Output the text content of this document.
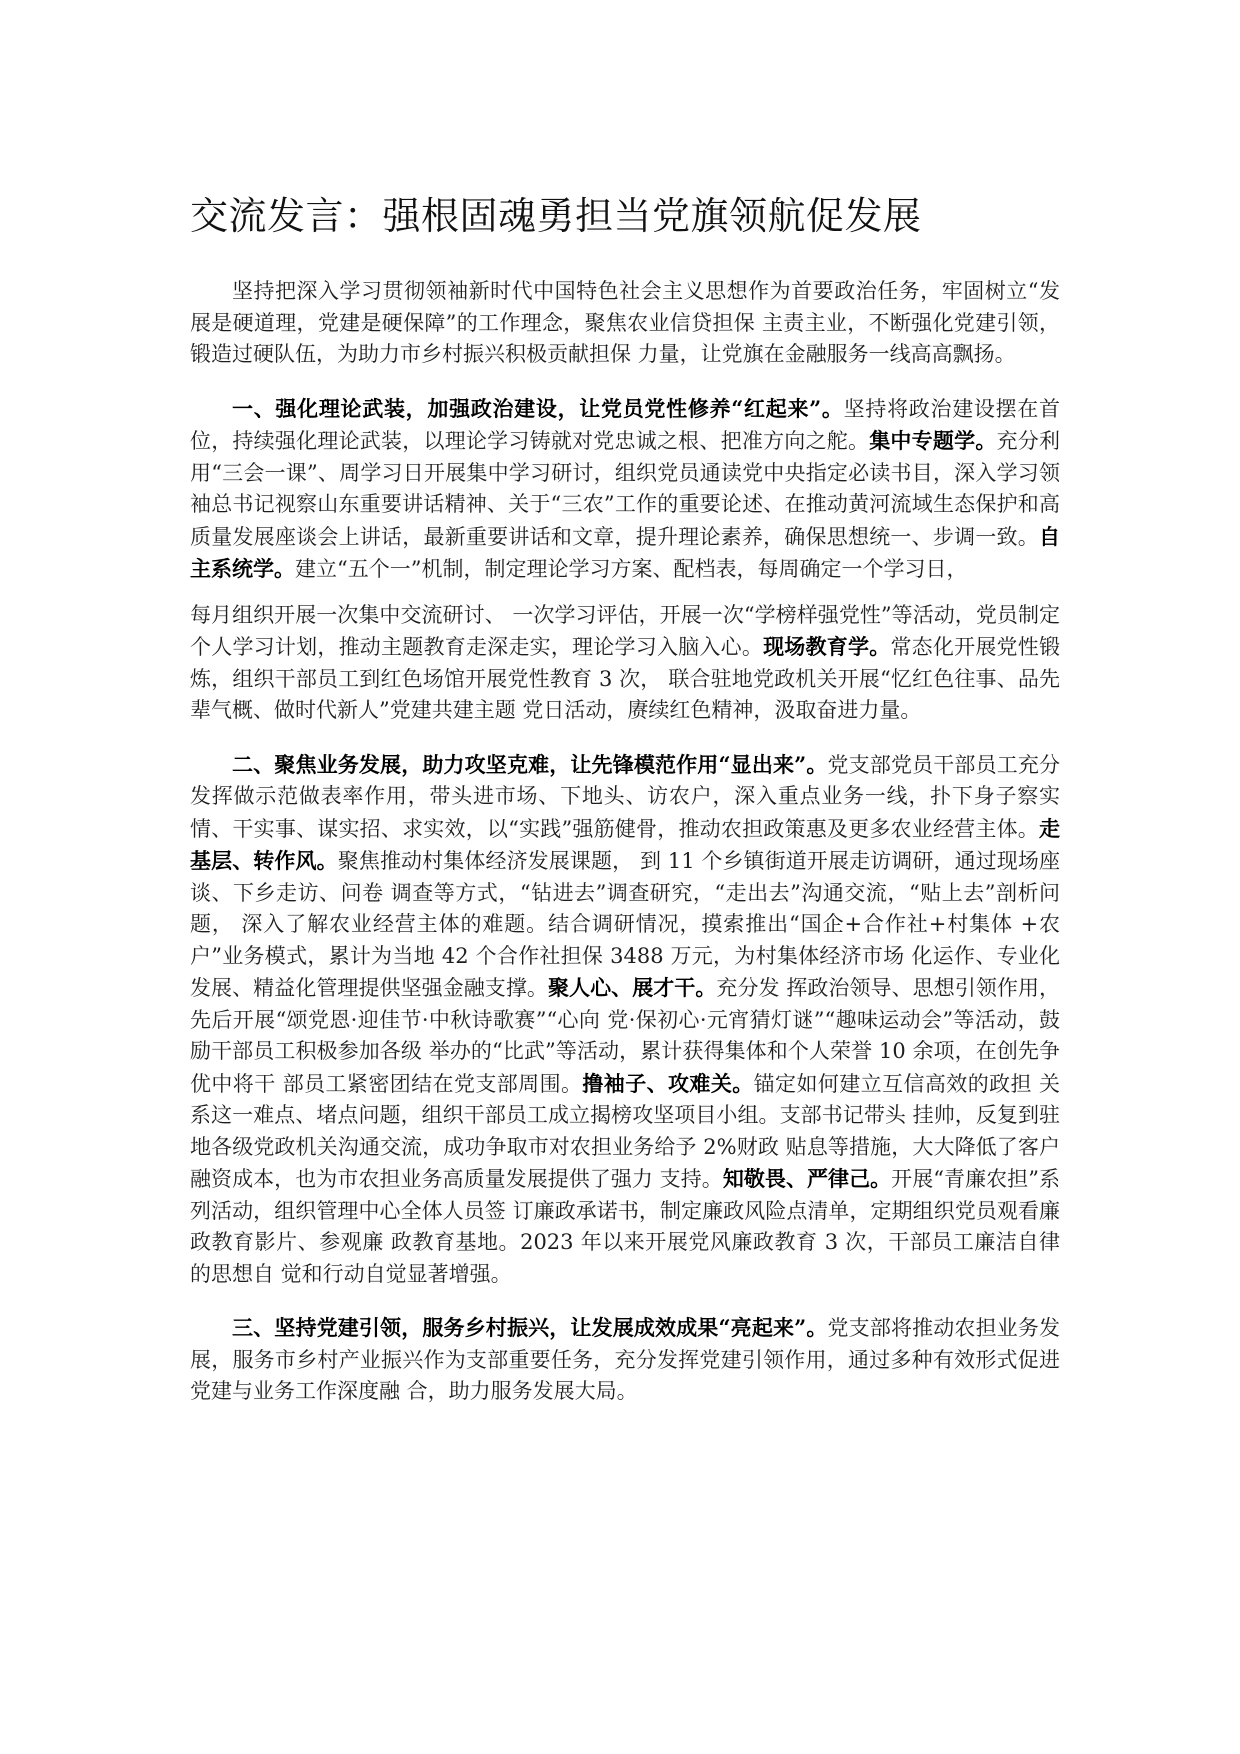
交流发言：强根固魂勇担当党旗领航促发展

坚持把深入学习贯彻领袖新时代中国特色社会主义思想作为首要政治任务，牢固树立“发展是硬道理，党建是硬保障”的工作理念，聚焦农业信贷担保 主责主业，不断强化党建引领，锻造过硬队伍，为助力市乡村振兴积极贡献担保 力量，让党旗在金融服务一线高高飘扬。

一、强化理论武装，加强政治建设，让党员党性修养“红起来”。坚持将政治建设摆在首位，持续强化理论武装，以理论学习铸就对党忠诚之根、把准方向之舵。集中专题学。充分利用“三会一课”、周学习日开展集中学习研讨，组织党员通读党中央指定必读书目，深入学习领袖总书记视察山东重要讲话精神、关于“三农”工作的重要论述、在推动黄河流域生态保护和高质量发展座谈会上讲话，最新重要讲话和文章，提升理论素养，确保思想统一、步调一致。自主系统学。建立“五个一”机制，制定理论学习方案、配档表，每周确定一个学习日，
每月组织开展一次集中交流研讨、 一次学习评估，开展一次“学榜样强党性”等活动，党员制定个人学习计划，推动主题教育走深走实，理论学习入脑入心。现场教育学。常态化开展党性锻炼，组织干部员工到红色场馆开展党性教育 3 次， 联合驻地党政机关开展“忆红色往事、品先辈气概、做时代新人”党建共建主题 党日活动，赓续红色精神，汲取奋进力量。

二、聚焦业务发展，助力攻坚克难，让先锋模范作用“显出来”。党支部党员干部员工充分发挥做示范做表率作用，带头进市场、下地头、访农户，深入重点业务一线，扑下身子察实情、干实事、谋实招、求实效，以“实践”强筋健骨，推动农担政策惠及更多农业经营主体。走基层、转作风。聚焦推动村集体经济发展课题， 到 11 个乡镇街道开展走访调研，通过现场座谈、下乡走访、问卷 调查等方式，“钻进去”调查研究，“走出去”沟通交流，“贴上去”剖析问题， 深入了解农业经营主体的难题。结合调研情况，摸索推出“国企+合作社+村集体 +农户”业务模式，累计为当地 42 个合作社担保 3488 万元，为村集体经济市场 化运作、专业化发展、精益化管理提供坚强金融支撑。聚人心、展才干。充分发 挥政治领导、思想引领作用，先后开展“颂党恩·迎佳节·中秋诗歌赛”“心向 党·保初心·元宵猜灯谜”“趣味运动会”等活动，鼓励干部员工积极参加各级 举办的“比武”等活动，累计获得集体和个人荣誉 10 余项，在创先争优中将干 部员工紧密团结在党支部周围。撸袖子、攻难关。锚定如何建立互信高效的政担 关系这一难点、堵点问题，组织干部员工成立揭榜攻坚项目小组。支部书记带头 挂帅，反复到驻地各级党政机关沟通交流，成功争取市对农担业务给予 2%财政 贴息等措施，大大降低了客户融资成本，也为市农担业务高质量发展提供了强力 支持。知敬畏、严律己。开展“青廉农担”系列活动，组织管理中心全体人员签 订廉政承诺书，制定廉政风险点清单，定期组织党员观看廉政教育影片、参观廉 政教育基地。2023 年以来开展党风廉政教育 3 次，干部员工廉洁自律的思想自 觉和行动自觉显著增强。

三、坚持党建引领，服务乡村振兴，让发展成效成果“亮起来”。党支部将推动农担业务发展，服务市乡村产业振兴作为支部重要任务，充分发挥党建引领作用，通过多种有效形式促进党建与业务工作深度融 合，助力服务发展大局。
